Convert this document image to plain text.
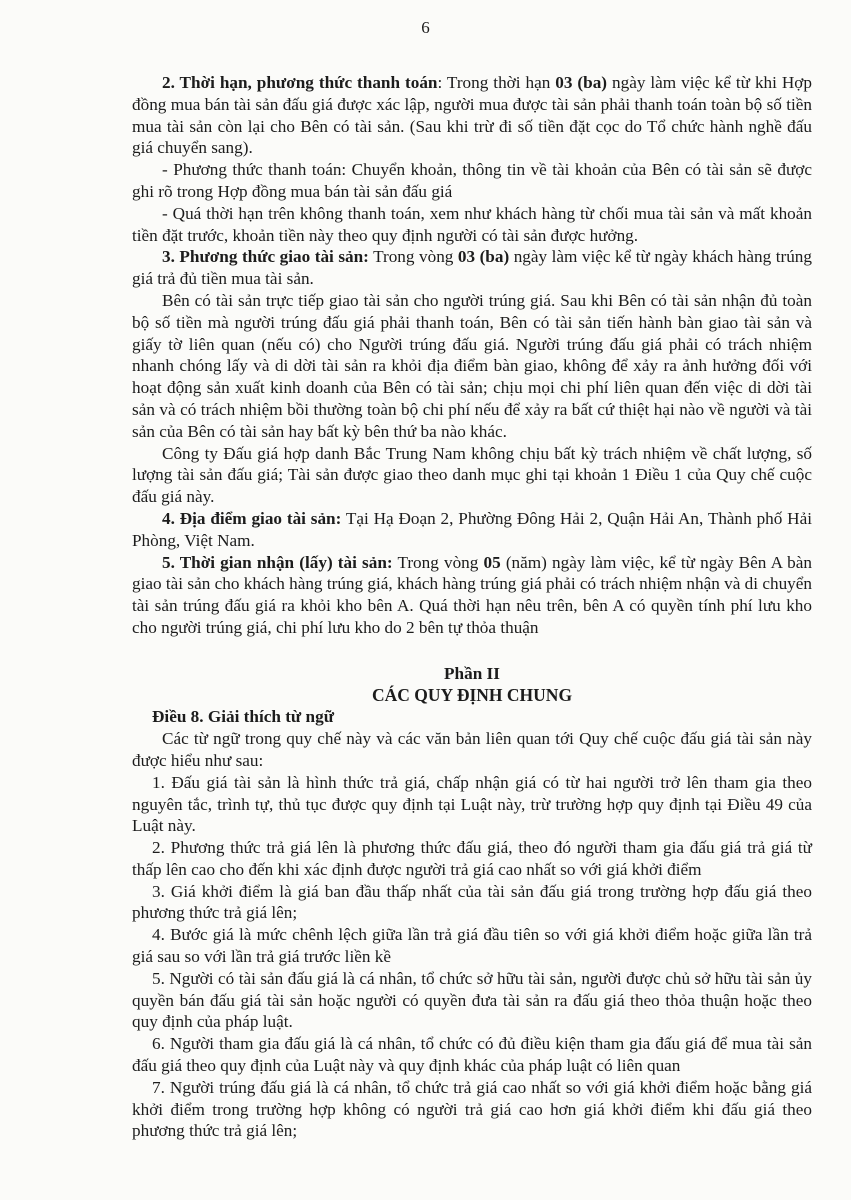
6

2. Thời hạn, phương thức thanh toán: Trong thời hạn 03 (ba) ngày làm việc kể từ khi Hợp đồng mua bán tài sản đấu giá được xác lập, người mua được tài sản phải thanh toán toàn bộ số tiền mua tài sản còn lại cho Bên có tài sản. (Sau khi trừ đi số tiền đặt cọc do Tổ chức hành nghề đấu giá chuyển sang).

- Phương thức thanh toán: Chuyển khoản, thông tin về tài khoản của Bên có tài sản sẽ được ghi rõ trong Hợp đồng mua bán tài sản đấu giá

- Quá thời hạn trên không thanh toán, xem như khách hàng từ chối mua tài sản và mất khoản tiền đặt trước, khoản tiền này theo quy định người có tài sản được hưởng.

3. Phương thức giao tài sản: Trong vòng 03 (ba) ngày làm việc kể từ ngày khách hàng trúng giá trả đủ tiền mua tài sản.

Bên có tài sản trực tiếp giao tài sản cho người trúng giá. Sau khi Bên có tài sản nhận đủ toàn bộ số tiền mà người trúng đấu giá phải thanh toán, Bên có tài sản tiến hành bàn giao tài sản và giấy tờ liên quan (nếu có) cho Người trúng đấu giá. Người trúng đấu giá phải có trách nhiệm nhanh chóng lấy và di dời tài sản ra khỏi địa điểm bàn giao, không để xảy ra ảnh hưởng đối với hoạt động sản xuất kinh doanh của Bên có tài sản; chịu mọi chi phí liên quan đến việc di dời tài sản và có trách nhiệm bồi thường toàn bộ chi phí nếu để xảy ra bất cứ thiệt hại nào về người và tài sản của Bên có tài sản hay bất kỳ bên thứ ba nào khác.

Công ty Đấu giá hợp danh Bắc Trung Nam không chịu bất kỳ trách nhiệm về chất lượng, số lượng tài sản đấu giá; Tài sản được giao theo danh mục ghi tại khoản 1 Điều 1 của Quy chế cuộc đấu giá này.

4. Địa điểm giao tài sản: Tại Hạ Đoạn 2, Phường Đông Hải 2, Quận Hải An, Thành phố Hải Phòng, Việt Nam.

5. Thời gian nhận (lấy) tài sản: Trong vòng 05 (năm) ngày làm việc, kể từ ngày Bên A bàn giao tài sản cho khách hàng trúng giá, khách hàng trúng giá phải có trách nhiệm nhận và di chuyển tài sản trúng đấu giá ra khỏi kho bên A. Quá thời hạn nêu trên, bên A có quyền tính phí lưu kho cho người trúng giá, chi phí lưu kho do 2 bên tự thỏa thuận

Phần II

CÁC QUY ĐỊNH CHUNG

Điều 8. Giải thích từ ngữ

Các từ ngữ trong quy chế này và các văn bản liên quan tới Quy chế cuộc đấu giá tài sản này được hiểu như sau:

1. Đấu giá tài sản là hình thức trả giá, chấp nhận giá có từ hai người trở lên tham gia theo nguyên tắc, trình tự, thủ tục được quy định tại Luật này, trừ trường hợp quy định tại Điều 49 của Luật này.

2. Phương thức trả giá lên là phương thức đấu giá, theo đó người tham gia đấu giá trả giá từ thấp lên cao cho đến khi xác định được người trả giá cao nhất so với giá khởi điểm

3. Giá khởi điểm là giá ban đầu thấp nhất của tài sản đấu giá trong trường hợp đấu giá theo phương thức trả giá lên;

4. Bước giá là mức chênh lệch giữa lần trả giá đầu tiên so với giá khởi điểm hoặc giữa lần trả giá sau so với lần trả giá trước liền kề

5. Người có tài sản đấu giá là cá nhân, tổ chức sở hữu tài sản, người được chủ sở hữu tài sản ủy quyền bán đấu giá tài sản hoặc người có quyền đưa tài sản ra đấu giá theo thỏa thuận hoặc theo quy định của pháp luật.

6. Người tham gia đấu giá là cá nhân, tổ chức có đủ điều kiện tham gia đấu giá để mua tài sản đấu giá theo quy định của Luật này và quy định khác của pháp luật có liên quan

7. Người trúng đấu giá là cá nhân, tổ chức trả giá cao nhất so với giá khởi điểm hoặc bằng giá khởi điểm trong trường hợp không có người trả giá cao hơn giá khởi điểm khi đấu giá theo phương thức trả giá lên;
